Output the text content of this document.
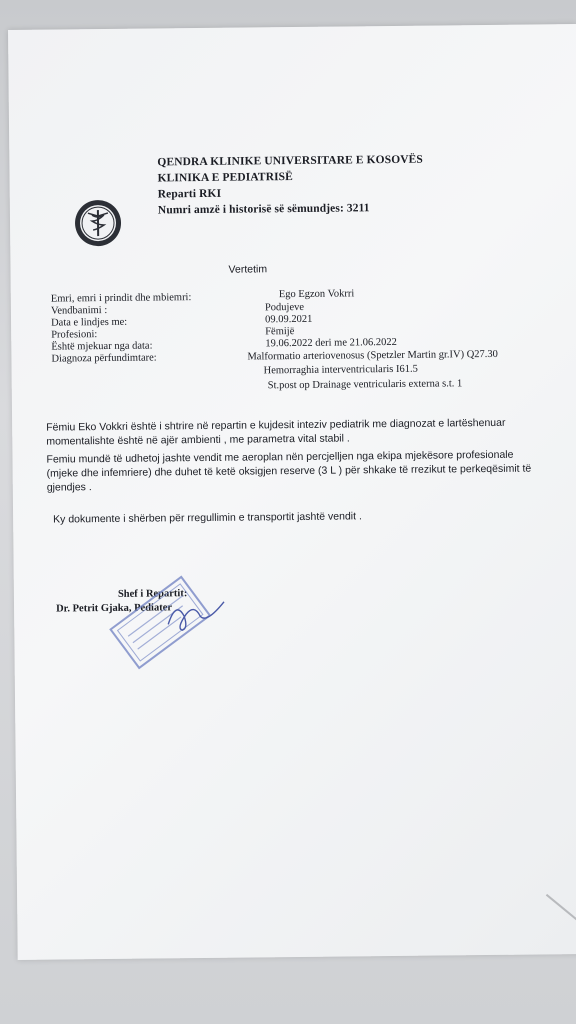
QENDRA KLINIKE UNIVERSITARE E KOSOVËS
KLINIKA E PEDIATRISË
Reparti RKI
Numri amzë i historisë së sëmundjes: 3211
Vertetim
Emri, emri i prindit dhe mbiemri:	Ego Egzon Vokrri
Vendbanimi :	Podujeve
Data e lindjes me:	09.09.2021
Profesioni:	Fëmijë
Është mjekuar nga data:	19.06.2022 deri me 21.06.2022
Diagnoza përfundimtare:	Malformatio arteriovenosus (Spetzler Martin gr.IV) Q27.30
Hemorraghia interventricularis I61.5
St.post op Drainage ventricularis externa s.t. 1
Fëmiu Eko Vokkri është i shtrire në repartin e kujdesit inteziv pediatrik me diagnozat e lartëshenuar
momentalishte është në ajër ambienti , me parametra vital stabil .
Femiu mundë të udhetoj jashte vendit me aeroplan nën percjelljen nga ekipa mjekësore profesionale
(mjeke dhe infemriere) dhe duhet të ketë oksigjen reserve (3 L ) për shkake të rrezikut te perkeqësimit të
gjendjes .
Ky dokumente i shërben për rregullimin e transportit jashtë vendit .
Shef i Repartit:
Dr. Petrit Gjaka, Pediater
